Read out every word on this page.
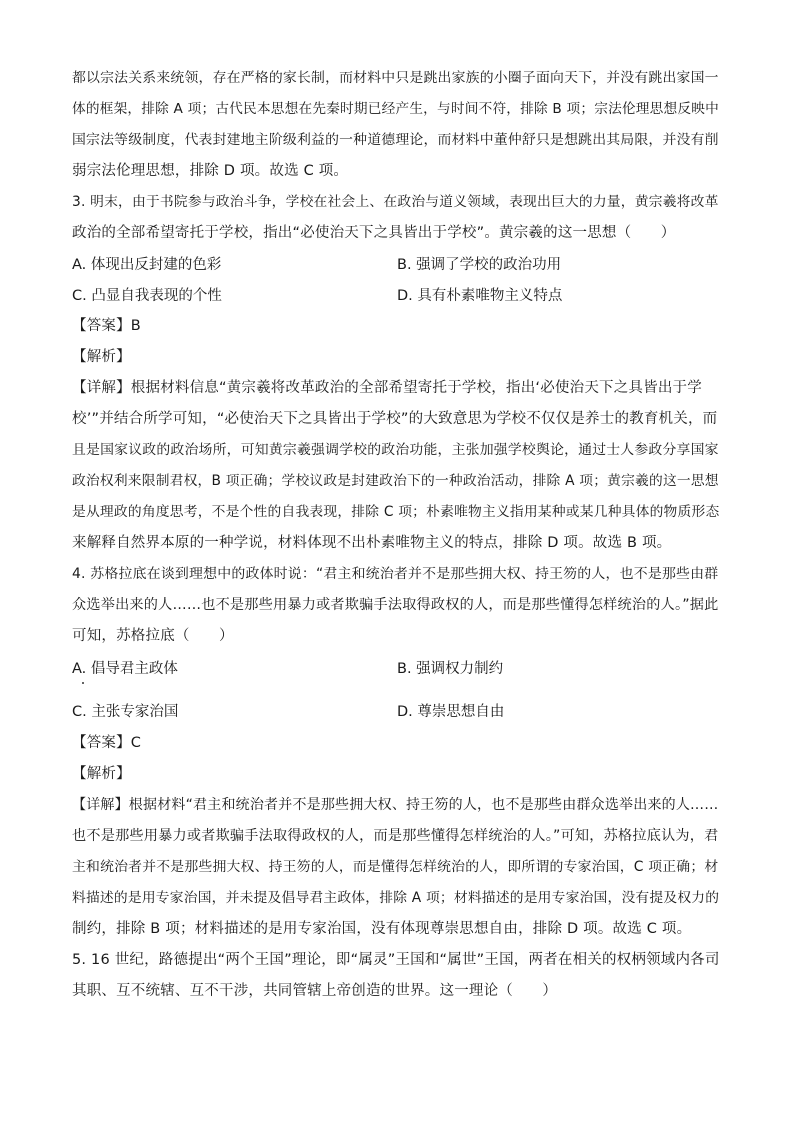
都以宗法关系来统领，存在严格的家长制，而材料中只是跳出家族的小圈子面向天下，并没有跳出家国一
体的框架，排除 A 项；古代民本思想在先秦时期已经产生，与时间不符，排除 B 项；宗法伦理思想反映中
国宗法等级制度，代表封建地主阶级利益的一种道德理论，而材料中董仲舒只是想跳出其局限，并没有削
弱宗法伦理思想，排除 D 项。故选 C 项。
3. 明末，由于书院参与政治斗争，学校在社会上、在政治与道义领域，表现出巨大的力量，黄宗羲将改革
政治的全部希望寄托于学校，指出“必使治天下之具皆出于学校”。黄宗羲的这一思想（　　）
A. 体现出反封建的色彩	B. 强调了学校的政治功用
C. 凸显自我表现的个性	D. 具有朴素唯物主义特点
【答案】B
【解析】
【详解】根据材料信息“黄宗羲将改革政治的全部希望寄托于学校，指出‘必使治天下之具皆出于学
校’”并结合所学可知，“必使治天下之具皆出于学校”的大致意思为学校不仅仅是养士的教育机关，而
且是国家议政的政治场所，可知黄宗羲强调学校的政治功能，主张加强学校舆论，通过士人参政分享国家
政治权利来限制君权，B 项正确；学校议政是封建政治下的一种政治活动，排除 A 项；黄宗羲的这一思想
是从理政的角度思考，不是个性的自我表现，排除 C 项；朴素唯物主义指用某种或某几种具体的物质形态
来解释自然界本原的一种学说，材料体现不出朴素唯物主义的特点，排除 D 项。故选 B 项。
4. 苏格拉底在谈到理想中的政体时说：“君主和统治者并不是那些拥大权、持王笏的人，也不是那些由群
众选举出来的人……也不是那些用暴力或者欺骗手法取得政权的人，而是那些懂得怎样统治的人。”据此
可知，苏格拉底（　　）
A. 倡导君主政体	B. 强调权力制约
C. 主张专家治国	D. 尊崇思想自由
【答案】C
【解析】
【详解】根据材料“君主和统治者并不是那些拥大权、持王笏的人，也不是那些由群众选举出来的人……
也不是那些用暴力或者欺骗手法取得政权的人，而是那些懂得怎样统治的人。”可知，苏格拉底认为，君
主和统治者并不是那些拥大权、持王笏的人，而是懂得怎样统治的人，即所谓的专家治国，C 项正确；材
料描述的是用专家治国，并未提及倡导君主政体，排除 A 项；材料描述的是用专家治国，没有提及权力的
制约，排除 B 项；材料描述的是用专家治国，没有体现尊崇思想自由，排除 D 项。故选 C 项。
5. 16 世纪，路德提出“两个王国”理论，即“属灵”王国和“属世”王国，两者在相关的权柄领域内各司
其职、互不统辖、互不干涉，共同管辖上帝创造的世界。这一理论（　　）
